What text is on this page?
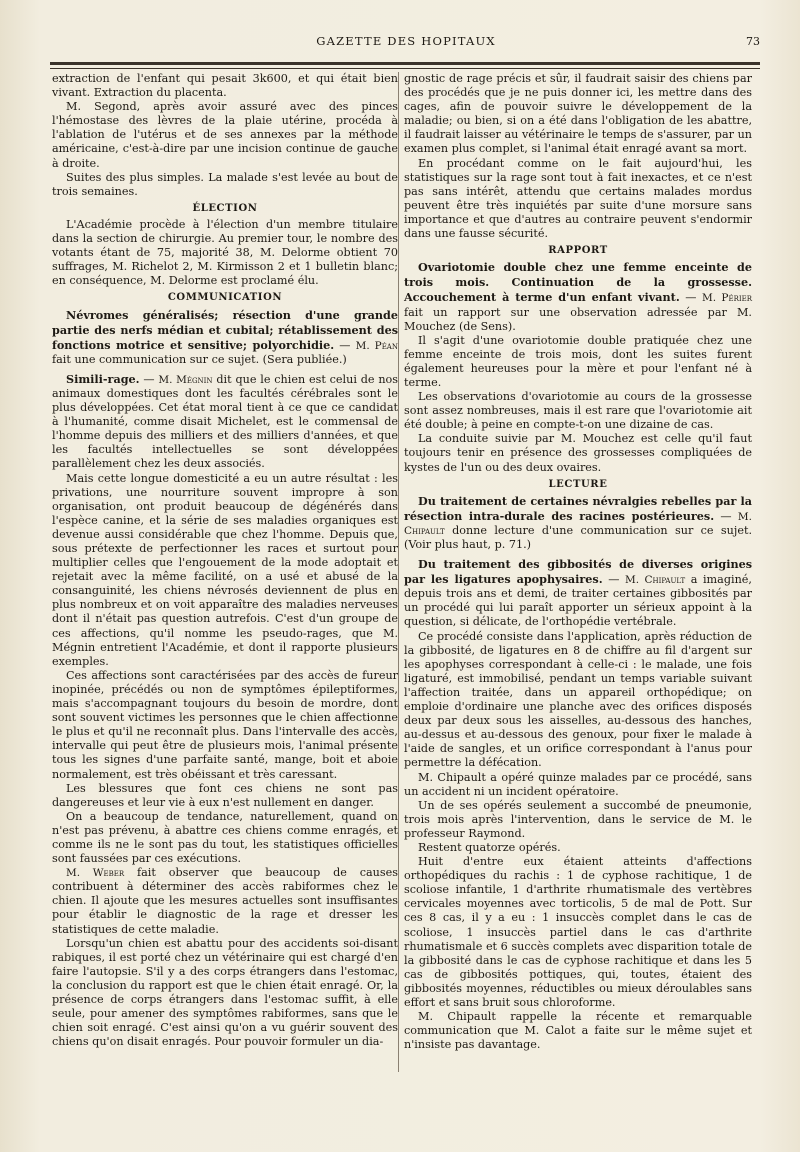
GAZETTE DES HOPITAUX	73

extraction de l'enfant qui pesait 3k600, et qui était bien vivant. Extraction du placenta.

M. Segond, après avoir assuré avec des pinces l'hémostase des lèvres de la plaie utérine, procéda à l'ablation de l'utérus et de ses annexes par la méthode américaine, c'est-à-dire par une incision continue de gauche à droite.

Suites des plus simples. La malade s'est levée au bout de trois semaines.

ÉLECTION

L'Académie procède à l'élection d'un membre titulaire dans la section de chirurgie. Au premier tour, le nombre des votants étant de 75, majorité 38, M. Delorme obtient 70 suffrages, M. Richelot 2, M. Kirmisson 2 et 1 bulletin blanc; en conséquence, M. Delorme est proclamé élu.

COMMUNICATION

Névromes généralisés; résection d'une grande partie des nerfs médian et cubital; rétablissement des fonctions motrice et sensitive; polyorchidie. — M. Péan fait une communication sur ce sujet. (Sera publiée.)

Simili-rage. — M. Mégnin dit que le chien est celui de nos animaux domestiques dont les facultés cérébrales sont le plus développées. Cet état moral tient à ce que ce candidat à l'humanité, comme disait Michelet, est le commensal de l'homme depuis des milliers et des milliers d'années, et que les facultés intellectuelles se sont développées parallèlement chez les deux associés.

Mais cette longue domesticité a eu un autre résultat : les privations, une nourriture souvent impropre à son organisation, ont produit beaucoup de dégénérés dans l'espèce canine, et la série de ses maladies organiques est devenue aussi considérable que chez l'homme. Depuis que, sous prétexte de perfectionner les races et surtout pour multiplier celles que l'engouement de la mode adoptait et rejetait avec la même facilité, on a usé et abusé de la consanguinité, les chiens névrosés deviennent de plus en plus nombreux et on voit apparaître des maladies nerveuses dont il n'était pas question autrefois. C'est d'un groupe de ces affections, qu'il nomme les pseudo-rages, que M. Mégnin entretient l'Académie, et dont il rapporte plusieurs exemples.

Ces affections sont caractérisées par des accès de fureur inopinée, précédés ou non de symptômes épileptiformes, mais s'accompagnant toujours du besoin de mordre, dont sont souvent victimes les personnes que le chien affectionne le plus et qu'il ne reconnaît plus. Dans l'intervalle des accès, intervalle qui peut être de plusieurs mois, l'animal présente tous les signes d'une parfaite santé, mange, boit et aboie normalement, est très obéissant et très caressant.

Les blessures que font ces chiens ne sont pas dangereuses et leur vie à eux n'est nullement en danger.

On a beaucoup de tendance, naturellement, quand on n'est pas prévenu, à abattre ces chiens comme enragés, et comme ils ne le sont pas du tout, les statistiques officielles sont faussées par ces exécutions.

M. Weber fait observer que beaucoup de causes contribuent à déterminer des accès rabiformes chez le chien. Il ajoute que les mesures actuelles sont insuffisantes pour établir le diagnostic de la rage et dresser les statistiques de cette maladie.

Lorsqu'un chien est abattu pour des accidents soi-disant rabiques, il est porté chez un vétérinaire qui est chargé d'en faire l'autopsie. S'il y a des corps étrangers dans l'estomac, la conclusion du rapport est que le chien était enragé. Or, la présence de corps étrangers dans l'estomac suffit, à elle seule, pour amener des symptômes rabiformes, sans que le chien soit enragé. C'est ainsi qu'on a vu guérir souvent des chiens qu'on disait enragés. Pour pouvoir formuler un dia-

gnostic de rage précis et sûr, il faudrait saisir des chiens par des procédés que je ne puis donner ici, les mettre dans des cages, afin de pouvoir suivre le développement de la maladie; ou bien, si on a été dans l'obligation de les abattre, il faudrait laisser au vétérinaire le temps de s'assurer, par un examen plus complet, si l'animal était enragé avant sa mort.

En procédant comme on le fait aujourd'hui, les statistiques sur la rage sont tout à fait inexactes, et ce n'est pas sans intérêt, attendu que certains malades mordus peuvent être très inquiétés par suite d'une morsure sans importance et que d'autres au contraire peuvent s'endormir dans une fausse sécurité.

RAPPORT

Ovariotomie double chez une femme enceinte de trois mois. Continuation de la grossesse. Accouchement à terme d'un enfant vivant. — M. Périer fait un rapport sur une observation adressée par M. Mouchez (de Sens).

Il s'agit d'une ovariotomie double pratiquée chez une femme enceinte de trois mois, dont les suites furent également heureuses pour la mère et pour l'enfant né à terme.

Les observations d'ovariotomie au cours de la grossesse sont assez nombreuses, mais il est rare que l'ovariotomie ait été double; à peine en compte-t-on une dizaine de cas.

La conduite suivie par M. Mouchez est celle qu'il faut toujours tenir en présence des grossesses compliquées de kystes de l'un ou des deux ovaires.

LECTURE

Du traitement de certaines névralgies rebelles par la résection intra-durale des racines postérieures. — M. Chipault donne lecture d'une communication sur ce sujet. (Voir plus haut, p. 71.)

Du traitement des gibbosités de diverses origines par les ligatures apophysaires. — M. Chipault a imaginé, depuis trois ans et demi, de traiter certaines gibbosités par un procédé qui lui paraît apporter un sérieux appoint à la question, si délicate, de l'orthopédie vertébrale.

Ce procédé consiste dans l'application, après réduction de la gibbosité, de ligatures en 8 de chiffre au fil d'argent sur les apophyses correspondant à celle-ci : le malade, une fois ligaturé, est immobilisé, pendant un temps variable suivant l'affection traitée, dans un appareil orthopédique; on emploie d'ordinaire une planche avec des orifices disposés deux par deux sous les aisselles, au-dessous des hanches, au-dessus et au-dessous des genoux, pour fixer le malade à l'aide de sangles, et un orifice correspondant à l'anus pour permettre la défécation.

M. Chipault a opéré quinze malades par ce procédé, sans un accident ni un incident opératoire.

Un de ses opérés seulement a succombé de pneumonie, trois mois après l'intervention, dans le service de M. le professeur Raymond.

Restent quatorze opérés.

Huit d'entre eux étaient atteints d'affections orthopédiques du rachis : 1 de cyphose rachitique, 1 de scoliose infantile, 1 d'arthrite rhumatismale des vertèbres cervicales moyennes avec torticolis, 5 de mal de Pott. Sur ces 8 cas, il y a eu : 1 insuccès complet dans le cas de scoliose, 1 insuccès partiel dans le cas d'arthrite rhumatismale et 6 succès complets avec disparition totale de la gibbosité dans le cas de cyphose rachitique et dans les 5 cas de gibbosités pottiques, qui, toutes, étaient des gibbosités moyennes, réductibles ou mieux déroulables sans effort et sans bruit sous chloroforme.

M. Chipault rappelle la récente et remarquable communication que M. Calot a faite sur le même sujet et n'insiste pas davantage.
